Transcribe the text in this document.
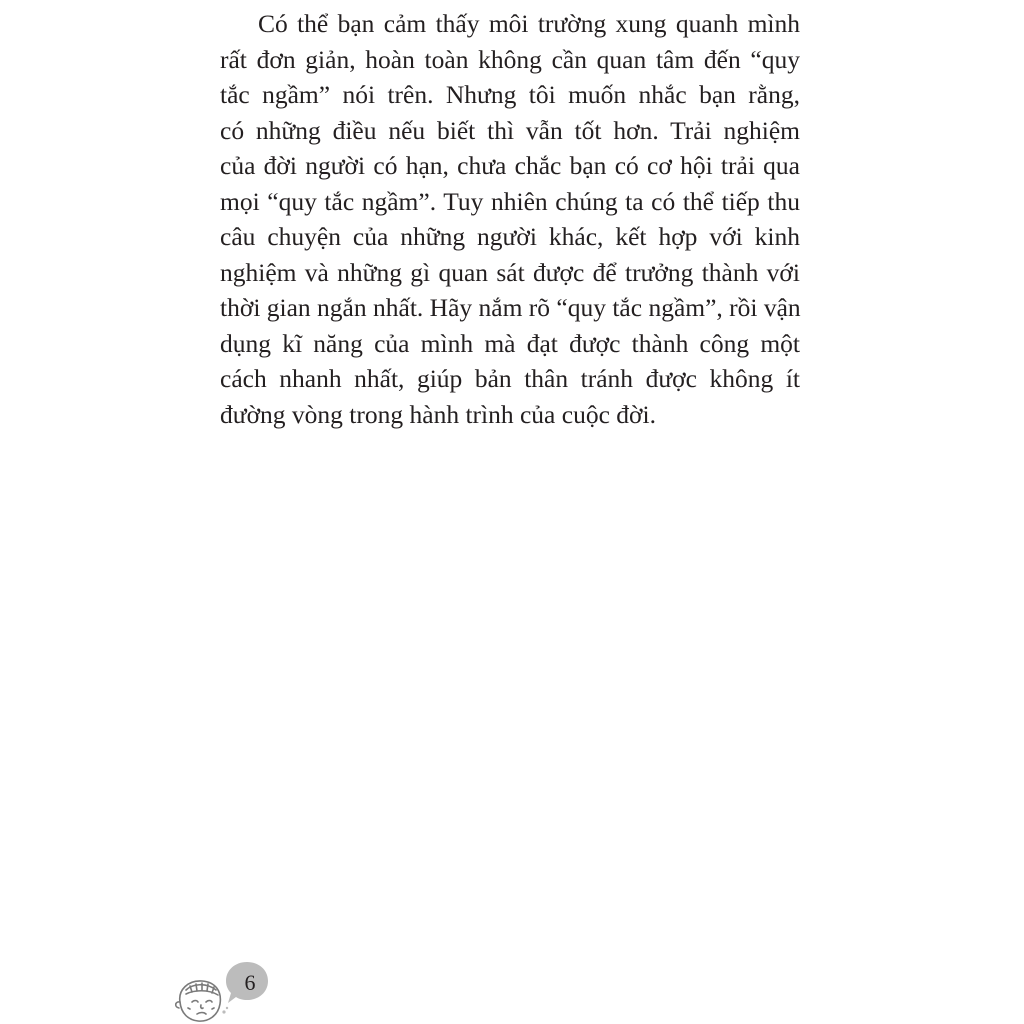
Có thể bạn cảm thấy môi trường xung quanh mình
rất đơn giản, hoàn toàn không cần quan tâm đến “quy
tắc ngầm” nói trên. Nhưng tôi muốn nhắc bạn rằng,
có những điều nếu biết thì vẫn tốt hơn. Trải nghiệm
của đời người có hạn, chưa chắc bạn có cơ hội trải qua
mọi “quy tắc ngầm”. Tuy nhiên chúng ta có thể tiếp thu
câu chuyện của những người khác, kết hợp với kinh
nghiệm và những gì quan sát được để trưởng thành với
thời gian ngắn nhất. Hãy nắm rõ “quy tắc ngầm”, rồi vận
dụng kĩ năng của mình mà đạt được thành công một
cách nhanh nhất, giúp bản thân tránh được không ít
đường vòng trong hành trình của cuộc đời.

6
